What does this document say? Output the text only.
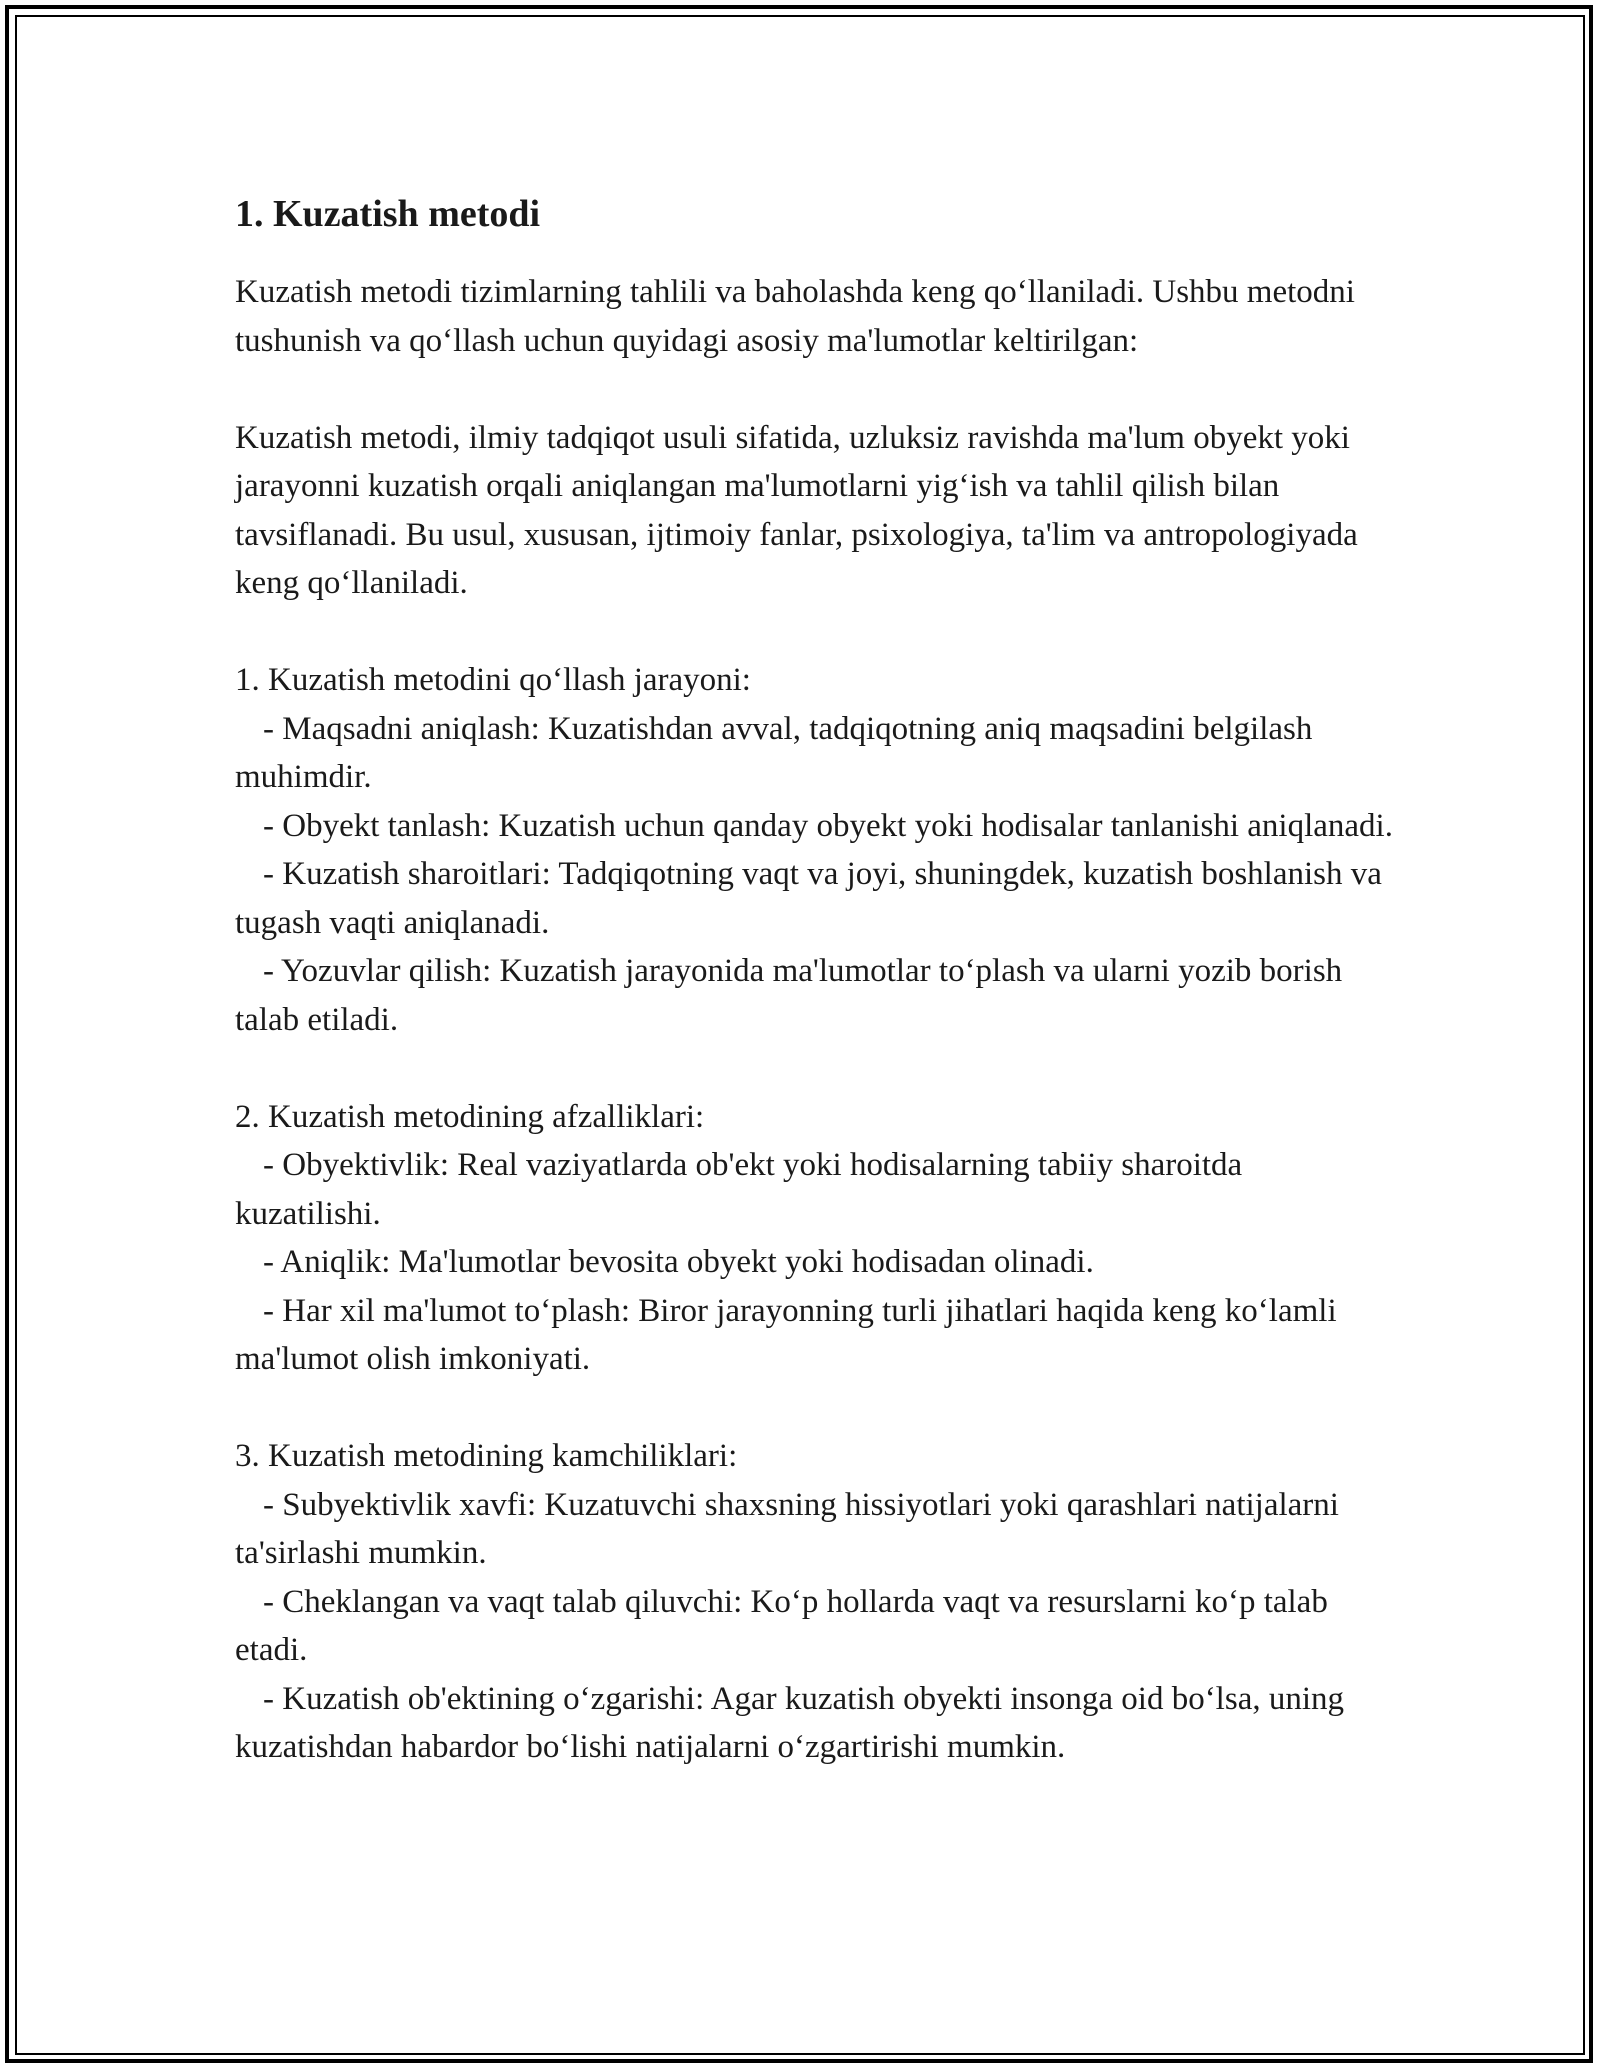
1. Kuzatish metodi

Kuzatish metodi tizimlarning tahlili va baholashda keng qo‘llaniladi. Ushbu metodni tushunish va qo‘llash uchun quyidagi asosiy ma'lumotlar keltirilgan:

Kuzatish metodi, ilmiy tadqiqot usuli sifatida, uzluksiz ravishda ma'lum obyekt yoki jarayonni kuzatish orqali aniqlangan ma'lumotlarni yig‘ish va tahlil qilish bilan tavsiflanadi. Bu usul, xususan, ijtimoiy fanlar, psixologiya, ta'lim va antropologiyada keng qo‘llaniladi.

1. Kuzatish metodini qo‘llash jarayoni:

- Maqsadni aniqlash: Kuzatishdan avval, tadqiqotning aniq maqsadini belgilash muhimdir.

- Obyekt tanlash: Kuzatish uchun qanday obyekt yoki hodisalar tanlanishi aniqlanadi.

- Kuzatish sharoitlari: Tadqiqotning vaqt va joyi, shuningdek, kuzatish boshlanish va tugash vaqti aniqlanadi.

- Yozuvlar qilish: Kuzatish jarayonida ma'lumotlar to‘plash va ularni yozib borish talab etiladi.

2. Kuzatish metodining afzalliklari:

- Obyektivlik: Real vaziyatlarda ob'ekt yoki hodisalarning tabiiy sharoitda kuzatilishi.

- Aniqlik: Ma'lumotlar bevosita obyekt yoki hodisadan olinadi.

- Har xil ma'lumot to‘plash: Biror jarayonning turli jihatlari haqida keng ko‘lamli ma'lumot olish imkoniyati.

3. Kuzatish metodining kamchiliklari:

- Subyektivlik xavfi: Kuzatuvchi shaxsning hissiyotlari yoki qarashlari natijalarni ta'sirlashi mumkin.

- Cheklangan va vaqt talab qiluvchi: Ko‘p hollarda vaqt va resurslarni ko‘p talab etadi.

- Kuzatish ob'ektining o‘zgarishi: Agar kuzatish obyekti insonga oid bo‘lsa, uning kuzatishdan habardor bo‘lishi natijalarni o‘zgartirishi mumkin.
